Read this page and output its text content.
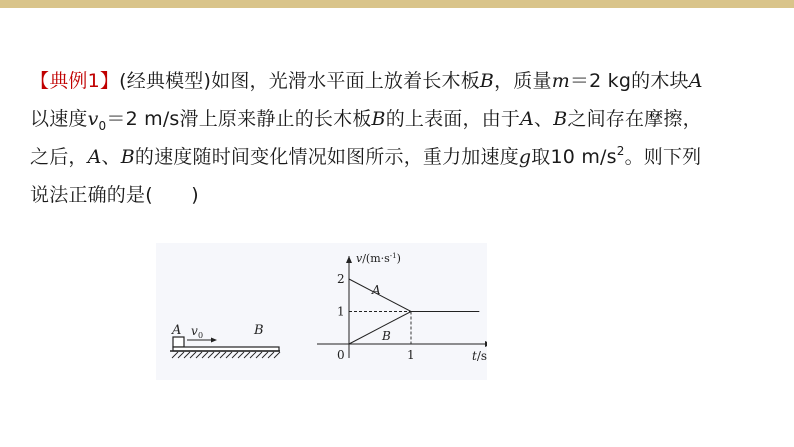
【典例1】(经典模型)如图，光滑水平面上放着长木板B，质量m＝2 kg的木块A
以速度$v_0=2$ m/s滑上原来静止的长木板B的上表面，由于A、B之间存在摩擦，
之后，A、B的速度随时间变化情况如图所示，重力加速度g取10 $m/s^2$。则下列
说法正确的是(　　)
A v 0	B
1
2
1
0
A
B
$v/(m\cdot s^{-1})$
t/s
